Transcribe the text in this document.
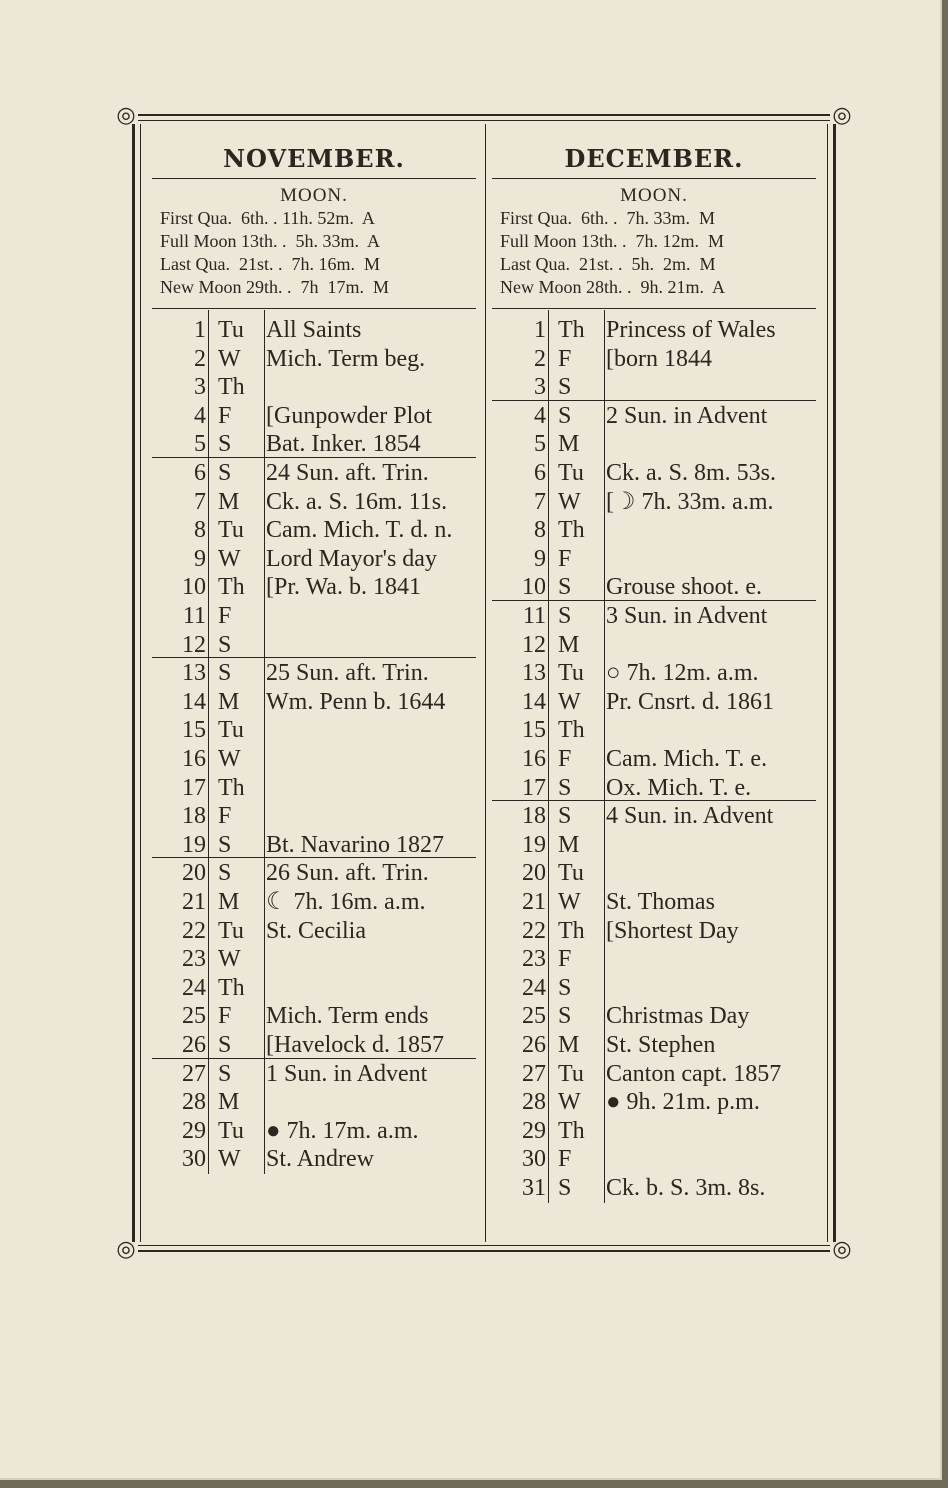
◎	◎
◎	◎
NOVEMBER.
MOON.
First Qua.  6th. . 11h. 52m.  A
Full Moon 13th. .  5h. 33m.  A
Last Qua.  21st. .  7h. 16m.  M
New Moon 29th. .  7h  17m.  M
1 Tu All Saints
2 W	Mich. Term beg.
3 Th
4 F	[Gunpowder Plot
5 S	Bat. Inker. 1854
6 S	24 Sun. aft. Trin.
7 M	Ck. a. S. 16m. 11s.
8 Tu Cam. Mich. T. d. n.
9 W	Lord Mayor's day
10 Th [Pr. Wa. b. 1841
11 F
12 S
13 S	25 Sun. aft. Trin.
14 M	Wm. Penn b. 1644
15 Tu
16 W
17 Th
18 F
19 S	Bt. Navarino 1827
20 S	26 Sun. aft. Trin.
21 M	☾ 7h. 16m. a.m.
22 Tu St. Cecilia
23 W
24 Th
25 F	Mich. Term ends
26 S	[Havelock d. 1857
27 S	1 Sun. in Advent
28 M
29 Tu ● 7h. 17m. a.m.
30 W	St. Andrew
DECEMBER.
MOON.
First Qua.  6th. .  7h. 33m.  M
Full Moon 13th. .  7h. 12m.  M
Last Qua.  21st. .  5h.  2m.  M
New Moon 28th. .  9h. 21m.  A
1 Th Princess of Wales
2 F	[born 1844
3 S
4 S	2 Sun. in Advent
5 M
6 Tu Ck. a. S. 8m. 53s.
7 W	[☽ 7h. 33m. a.m.
8 Th
9 F
10 S	Grouse shoot. e.
11 S	3 Sun. in Advent
12 M
13 Tu ○ 7h. 12m. a.m.
14 W	Pr. Cnsrt. d. 1861
15 Th
16 F	Cam. Mich. T. e.
17 S	Ox. Mich. T. e.
18 S	4 Sun. in. Advent
19 M
20 Tu
21 W	St. Thomas
22 Th [Shortest Day
23 F
24 S
25 S	Christmas Day
26 M	St. Stephen
27 Tu Canton capt. 1857
28 W	● 9h. 21m. p.m.
29 Th
30 F
31 S	Ck. b. S. 3m. 8s.
